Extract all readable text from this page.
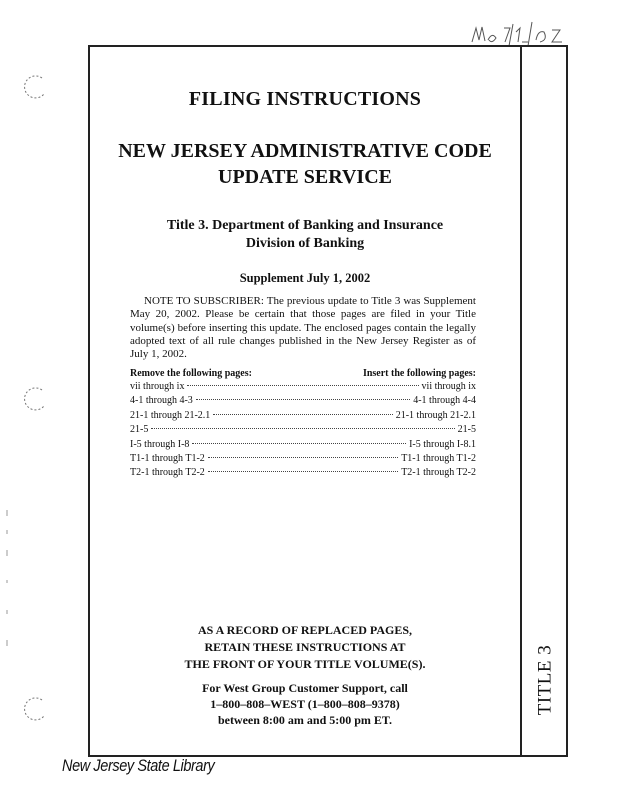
FILING INSTRUCTIONS
NEW JERSEY ADMINISTRATIVE CODE
UPDATE SERVICE
Title 3. Department of Banking and Insurance
Division of Banking
Supplement July 1, 2002
NOTE TO SUBSCRIBER: The previous update to Title 3 was Supplement May 20, 2002. Please be certain that those pages are filed in your Title volume(s) before inserting this update. The enclosed pages contain the legally adopted text of all rule changes published in the New Jersey Register as of July 1, 2002.
Remove the following pages:	Insert the following pages:
vii through ix	vii through ix
4-1 through 4-3	4-1 through 4-4
21-1 through 21-2.1	21-1 through 21-2.1
21-5	21-5
I-5 through I-8	I-5 through I-8.1
T1-1 through T1-2	T1-1 through T1-2
T2-1 through T2-2	T2-1 through T2-2
AS A RECORD OF REPLACED PAGES,
RETAIN THESE INSTRUCTIONS AT
THE FRONT OF YOUR TITLE VOLUME(S).
For West Group Customer Support, call
1–800–808–WEST (1–800–808–9378)
between 8:00 am and 5:00 pm ET.
TITLE 3
New Jersey State Library
